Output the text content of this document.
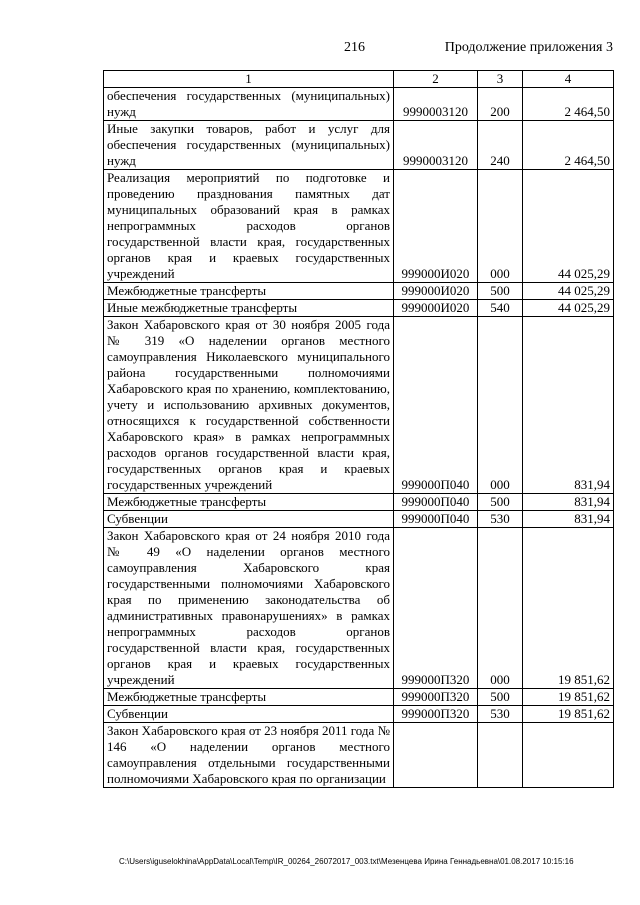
216	Продолжение приложения 3
1	2	3	4
обеспечения государственных (муниципальных) нужд	9990003120	200	2 464,50
Иные закупки товаров, работ и услуг для обеспечения государственных (муниципальных) нужд	9990003120	240	2 464,50
Реализация мероприятий по подготовке и проведению празднования памятных дат муниципальных образований края в рамках непрограммных расходов органов государственной власти края, государственных органов края и краевых государственных учреждений	999000И020	000	44 025,29
Межбюджетные трансферты	999000И020	500	44 025,29
Иные межбюджетные трансферты	999000И020	540	44 025,29
Закон Хабаровского края от 30 ноября 2005 года № 319 «О наделении органов местного самоуправления Николаевского муниципального района государственными полномочиями Хабаровского края по хранению, комплектованию, учету и использованию архивных документов, относящихся к государственной собственности Хабаровского края» в рамках непрограммных расходов органов государственной власти края, государственных органов края и краевых государственных учреждений	999000П040	000	831,94
Межбюджетные трансферты	999000П040	500	831,94
Субвенции	999000П040	530	831,94
Закон Хабаровского края от 24 ноября 2010 года № 49 «О наделении органов местного самоуправления Хабаровского края государственными полномочиями Хабаровского края по применению законодательства об административных правонарушениях» в рамках непрограммных расходов органов государственной власти края, государственных органов края и краевых государственных учреждений	999000П320	000	19 851,62
Межбюджетные трансферты	999000П320	500	19 851,62
Субвенции	999000П320	530	19 851,62
Закон Хабаровского края от 23 ноября 2011 года № 146 «О наделении органов местного самоуправления отдельными государственными полномочиями Хабаровского края по организации			
C:\Users\iguselokhina\AppData\Local\Temp\IR_00264_26072017_003.txt\Мезенцева Ирина Геннадьевна\01.08.2017 10:15:16
